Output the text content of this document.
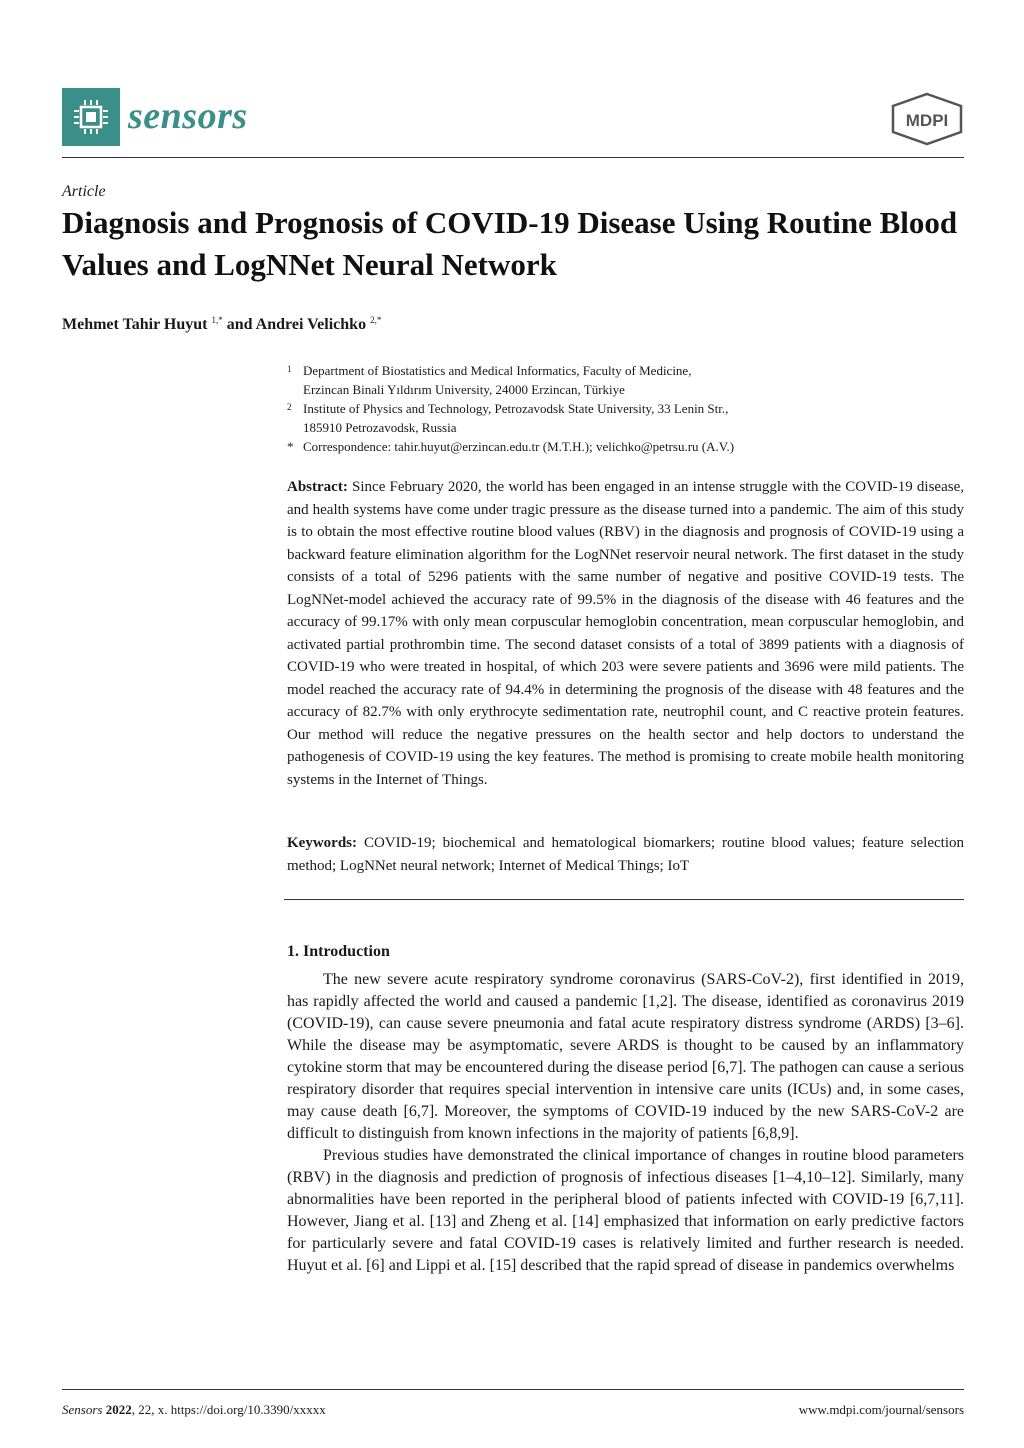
sensors	MDPI
Article
Diagnosis and Prognosis of COVID-19 Disease Using Routine Blood Values and LogNNet Neural Network
Mehmet Tahir Huyut $^{1,*}$ and Andrei Velichko $^{2,*}$
1 Department of Biostatistics and Medical Informatics, Faculty of Medicine,
Erzincan Binali Yıldırım University, 24000 Erzincan, Türkiye
2 Institute of Physics and Technology, Petrozavodsk State University, 33 Lenin Str.,
185910 Petrozavodsk, Russia
* Correspondence: tahir.huyut@erzincan.edu.tr (M.T.H.); velichko@petrsu.ru (A.V.)

Abstract: Since February 2020, the world has been engaged in an intense struggle with the COVID-19 disease, and health systems have come under tragic pressure as the disease turned into a pandemic. The aim of this study is to obtain the most effective routine blood values (RBV) in the diagnosis and prognosis of COVID-19 using a backward feature elimination algorithm for the LogNNet reservoir neural network. The first dataset in the study consists of a total of 5296 patients with the same number of negative and positive COVID-19 tests. The LogNNet-model achieved the accuracy rate of 99.5% in the diagnosis of the disease with 46 features and the accuracy of 99.17% with only mean corpuscular hemoglobin concentration, mean corpuscular hemoglobin, and activated partial prothrombin time. The second dataset consists of a total of 3899 patients with a diagnosis of COVID-19 who were treated in hospital, of which 203 were severe patients and 3696 were mild patients. The model reached the accuracy rate of 94.4% in determining the prognosis of the disease with 48 features and the accuracy of 82.7% with only erythrocyte sedimentation rate, neutrophil count, and C reactive protein features. Our method will reduce the negative pressures on the health sector and help doctors to understand the pathogenesis of COVID-19 using the key features. The method is promising to create mobile health monitoring systems in the Internet of Things.

Keywords: COVID-19; biochemical and hematological biomarkers; routine blood values; feature selection method; LogNNet neural network; Internet of Medical Things; IoT

1. Introduction

The new severe acute respiratory syndrome coronavirus (SARS-CoV-2), first identified in 2019, has rapidly affected the world and caused a pandemic [1,2]. The disease, identified as coronavirus 2019 (COVID-19), can cause severe pneumonia and fatal acute respiratory distress syndrome (ARDS) [3–6]. While the disease may be asymptomatic, severe ARDS is thought to be caused by an inflammatory cytokine storm that may be encountered during the disease period [6,7]. The pathogen can cause a serious respiratory disorder that requires special intervention in intensive care units (ICUs) and, in some cases, may cause death [6,7]. Moreover, the symptoms of COVID-19 induced by the new SARS-CoV-2 are difficult to distinguish from known infections in the majority of patients [6,8,9].

Previous studies have demonstrated the clinical importance of changes in routine blood parameters (RBV) in the diagnosis and prediction of prognosis of infectious diseases [1–4,10–12]. Similarly, many abnormalities have been reported in the peripheral blood of patients infected with COVID-19 [6,7,11]. However, Jiang et al. [13] and Zheng et al. [14] emphasized that information on early predictive factors for particularly severe and fatal COVID-19 cases is relatively limited and further research is needed. Huyut et al. [6] and Lippi et al. [15] described that the rapid spread of disease in pandemics overwhelms

Sensors 2022, 22, x. https://doi.org/10.3390/xxxxx	www.mdpi.com/journal/sensors
